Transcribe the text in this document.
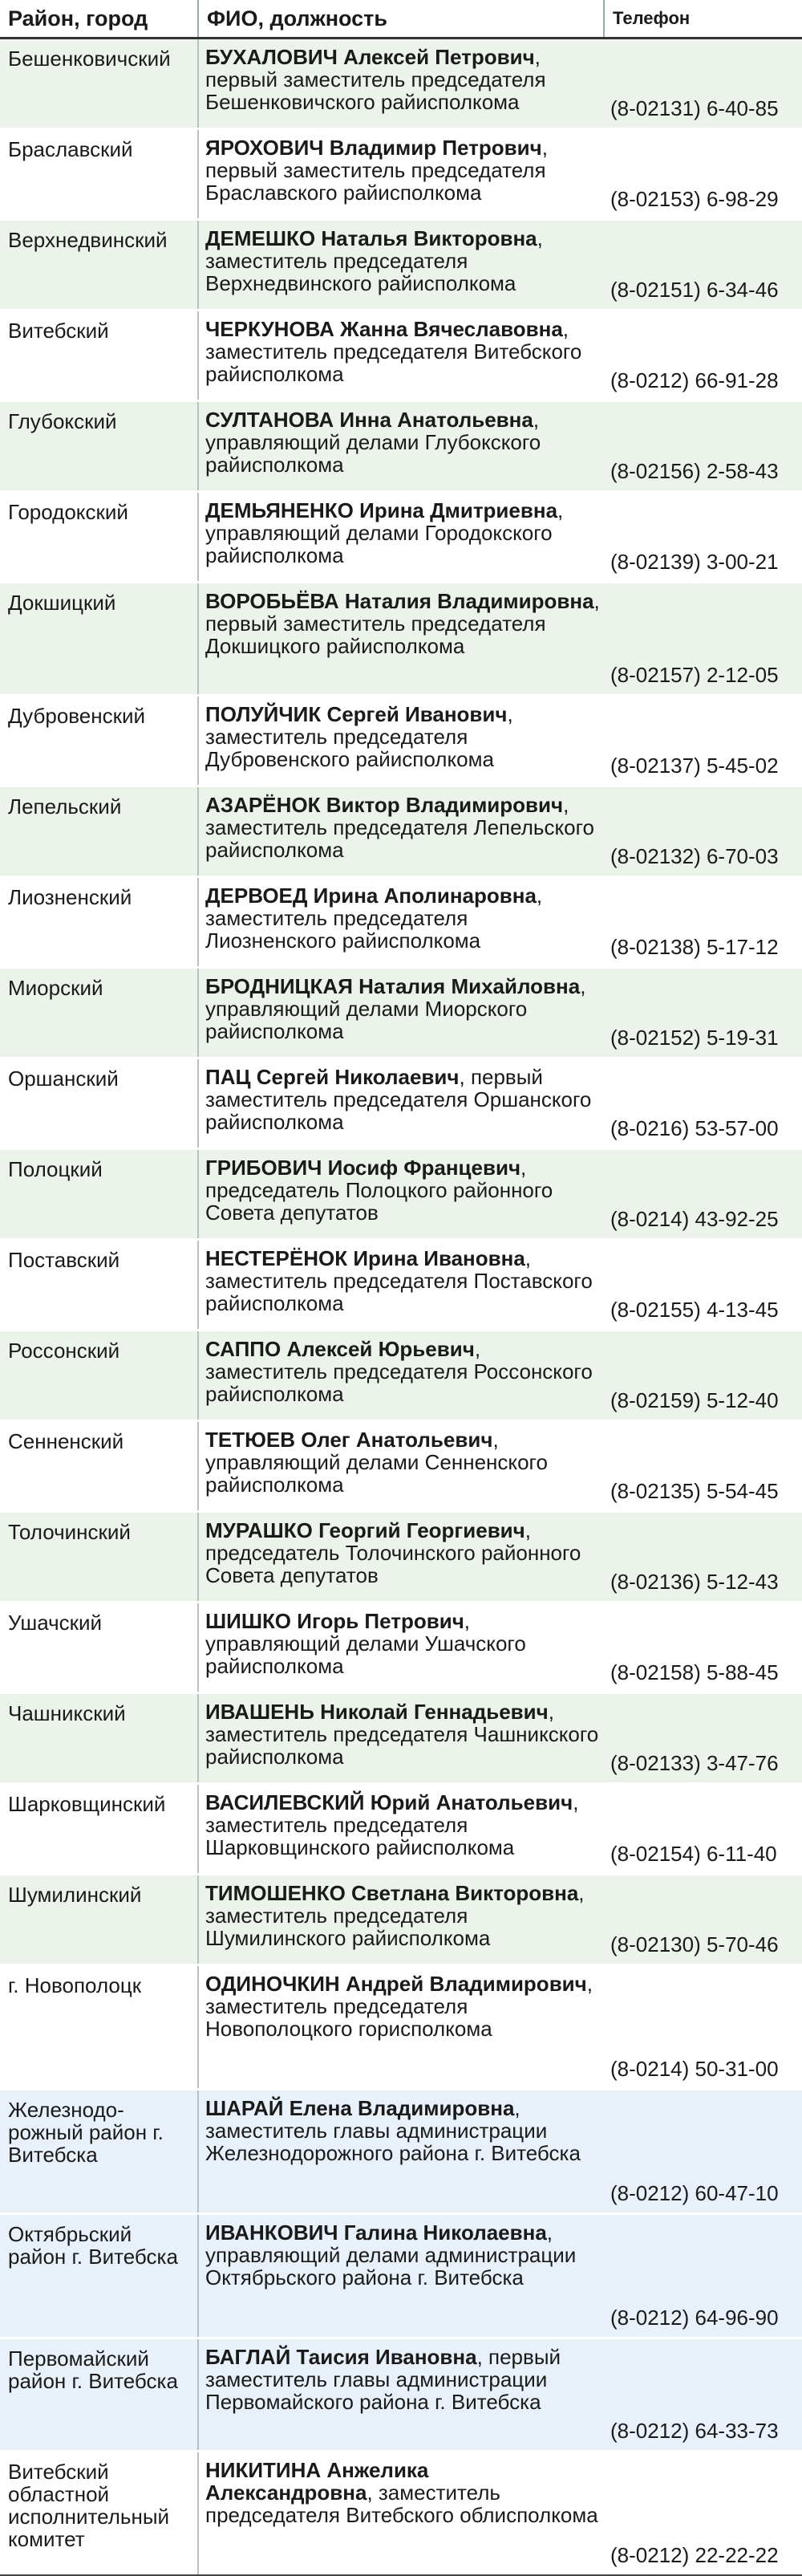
Район, город	ФИО, должность	Телефон
Бешенковичский	БУХАЛОВИЧ Алексей Петрович, первый заместитель председателя Бешенковичского райисполкома	(8-02131) 6-40-85
Браславский	ЯРОХОВИЧ Владимир Петрович, первый заместитель председателя Браславского райисполкома	(8-02153) 6-98-29
Верхнедвинский	ДЕМЕШКО Наталья Викторовна, заместитель председателя Верхнедвинского райисполкома	(8-02151) 6-34-46
Витебский	ЧЕРКУНОВА Жанна Вячеславовна, заместитель председателя Витебского райисполкома	(8-0212) 66-91-28
Глубокский	СУЛТАНОВА Инна Анатольевна, управляющий делами Глубокского райисполкома	(8-02156) 2-58-43
Городокский	ДЕМЬЯНЕНКО Ирина Дмитриевна, управляющий делами Городокского райисполкома	(8-02139) 3-00-21
Докшицкий	ВОРОБЬЁВА Наталия Владимировна, первый заместитель председателя Докшицкого райисполкома	(8-02157) 2-12-05
Дубровенский	ПОЛУЙЧИК Сергей Иванович, заместитель председателя Дубровенского райисполкома	(8-02137) 5-45-02
Лепельский	АЗАРЁНОК Виктор Владимирович, заместитель председателя Лепельского райисполкома	(8-02132) 6-70-03
Лиозненский	ДЕРВОЕД Ирина Аполинаровна, заместитель председателя Лиозненского райисполкома	(8-02138) 5-17-12
Миорский	БРОДНИЦКАЯ Наталия Михайловна, управляющий делами Миорского райисполкома	(8-02152) 5-19-31
Оршанский	ПАЦ Сергей Николаевич, первый заместитель председателя Оршанского райисполкома	(8-0216) 53-57-00
Полоцкий	ГРИБОВИЧ Иосиф Францевич, председатель Полоцкого районного Совета депутатов	(8-0214) 43-92-25
Поставский	НЕСТЕРЁНОК Ирина Ивановна, заместитель председателя Поставского райисполкома	(8-02155) 4-13-45
Россонский	САППО Алексей Юрьевич, заместитель председателя Россонского райисполкома	(8-02159) 5-12-40
Сенненский	ТЕТЮЕВ Олег Анатольевич, управляющий делами Сенненского райисполкома	(8-02135) 5-54-45
Толочинский	МУРАШКО Георгий Георгиевич, председатель Толочинского районного Совета депутатов	(8-02136) 5-12-43
Ушачский	ШИШКО Игорь Петрович, управляющий делами Ушачского райисполкома	(8-02158) 5-88-45
Чашникский	ИВАШЕНЬ Николай Геннадьевич, заместитель председателя Чашникского райисполкома	(8-02133) 3-47-76
Шарковщинский	ВАСИЛЕВСКИЙ Юрий Анатольевич, заместитель председателя Шарковщинского райисполкома	(8-02154) 6-11-40
Шумилинский	ТИМОШЕНКО Светлана Викторовна, заместитель председателя Шумилинского райисполкома	(8-02130) 5-70-46
г. Новополоцк	ОДИНОЧКИН Андрей Владимирович, заместитель председателя Новополоцкого горисполкома	(8-0214) 50-31-00
Железнодо-рожный район г. Витебска	ШАРАЙ Елена Владимировна, заместитель главы администрации Железнодорожного района г. Витебска	(8-0212) 60-47-10
Октябрьский район г. Витебска	ИВАНКОВИЧ Галина Николаевна, управляющий делами администрации Октябрьского района г. Витебска	(8-0212) 64-96-90
Первомайский район г. Витебска	БАГЛАЙ Таисия Ивановна, первый заместитель главы администрации Первомайского района г. Витебска	(8-0212) 64-33-73
Витебский областной исполнительный комитет	НИКИТИНА Анжелика Александровна, заместитель председателя Витебского облисполкома	(8-0212) 22-22-22
